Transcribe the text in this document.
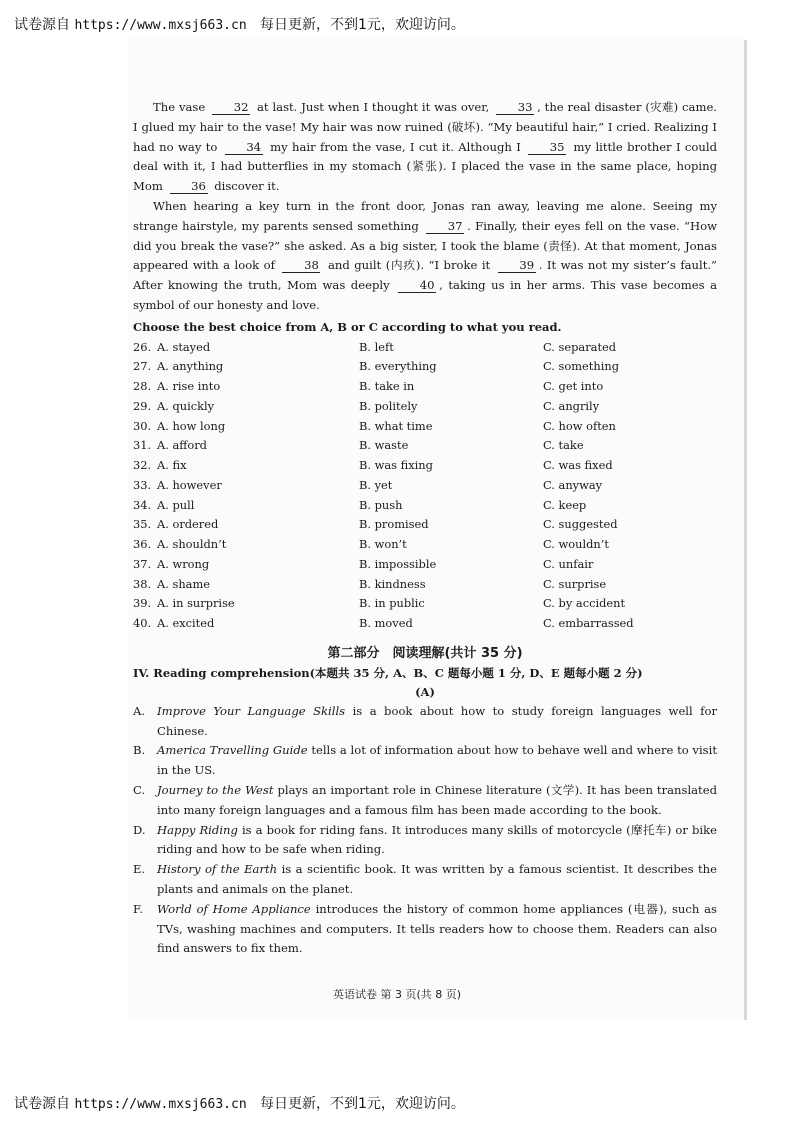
试卷源自 https://www.mxsj663.cn 每日更新，不到1元，欢迎访问。

The vase 32 at last. Just when I thought it was over, 33 , the real disaster (灾难) came. I glued my hair to the vase! My hair was now ruined (破坏). “My beautiful hair,” I cried. Realizing I had no way to 34 my hair from the vase, I cut it. Although I 35 my little brother I could deal with it, I had butterflies in my stomach (紧张). I placed the vase in the same place, hoping Mom 36 discover it.

When hearing a key turn in the front door, Jonas ran away, leaving me alone. Seeing my strange hairstyle, my parents sensed something 37 . Finally, their eyes fell on the vase. “How did you break the vase?” she asked. As a big sister, I took the blame (责怪). At that moment, Jonas appeared with a look of 38 and guilt (内疚). “I broke it 39 . It was not my sister’s fault.” After knowing the truth, Mom was deeply 40 , taking us in her arms. This vase becomes a symbol of our honesty and love.

Choose the best choice from A, B or C according to what you read.
26. A. stayed	B. left	C. separated
27. A. anything	B. everything	C. something
28. A. rise into	B. take in	C. get into
29. A. quickly	B. politely	C. angrily
30. A. how long	B. what time	C. how often
31. A. afford	B. waste	C. take
32. A. fix	B. was fixing	C. was fixed
33. A. however	B. yet	C. anyway
34. A. pull	B. push	C. keep
35. A. ordered	B. promised	C. suggested
36. A. shouldn’t	B. won’t	C. wouldn’t
37. A. wrong	B. impossible	C. unfair
38. A. shame	B. kindness	C. surprise
39. A. in surprise	B. in public	C. by accident
40. A. excited	B. moved	C. embarrassed
第二部分　阅读理解(共计 35 分)
IV. Reading comprehension(本题共 35 分, A、B、C 题每小题 1 分, D、E 题每小题 2 分)
(A)
A.	Improve Your Language Skills is a book about how to study foreign languages well for Chinese.
B.	America Travelling Guide tells a lot of information about how to behave well and where to visit in the US.
C.	Journey to the West plays an important role in Chinese literature (文学). It has been translated into many foreign languages and a famous film has been made according to the book.
D. Happy Riding is a book for riding fans. It introduces many skills of motorcycle (摩托车) or bike riding and how to be safe when riding.
E.	History of the Earth is a scientific book. It was written by a famous scientist. It describes the plants and animals on the planet.
F.	World of Home Appliance introduces the history of common home appliances (电器), such as TVs, washing machines and computers. It tells readers how to choose them. Readers can also find answers to fix them.
英语试卷 第 3 页(共 8 页)
试卷源自 https://www.mxsj663.cn 每日更新，不到1元，欢迎访问。
